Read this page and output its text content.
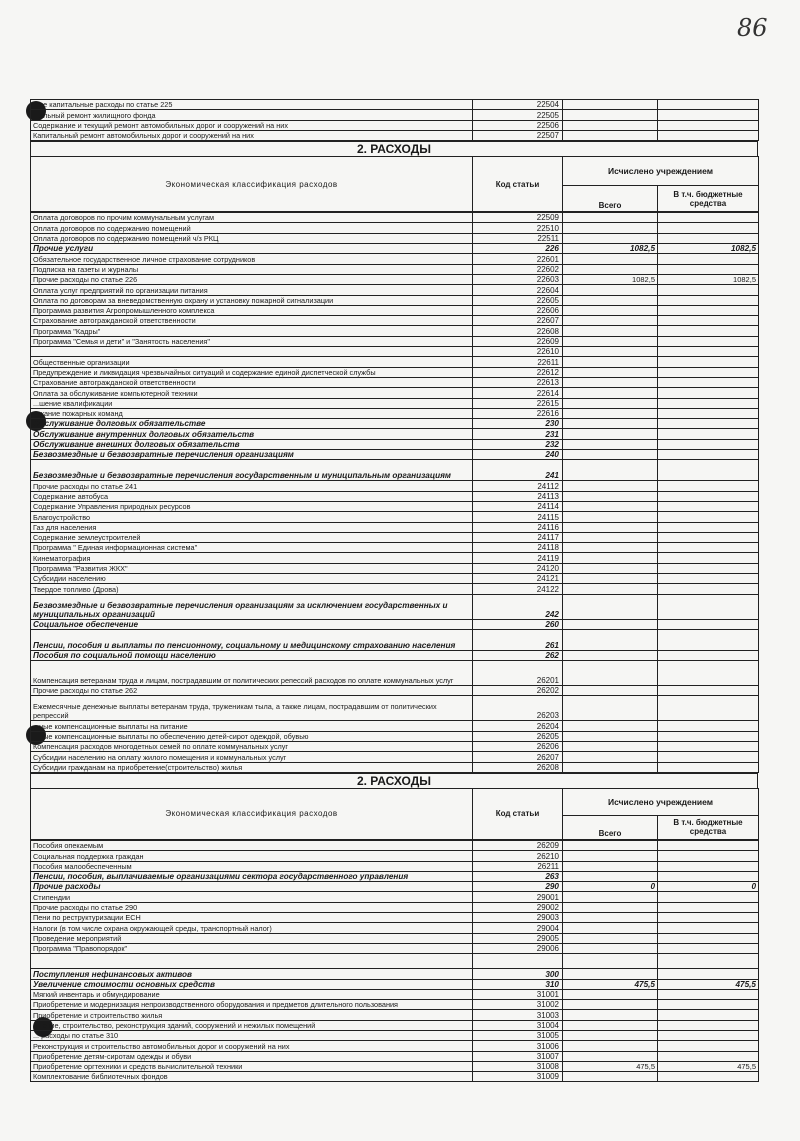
86
...ие капитальные расходы по статье 225	22504		
...альный ремонт жилищного фонда	22505		
Содержание и текущий ремонт автомобильных дорог и сооружений на них	22506		
Капитальный ремонт автомобильных дорог и сооружений на них	22507		
2. РАСХОДЫ
Экономическая классификация расходов	Код статьи	Исчислено учреждением	
		Всего	В т.ч. бюджетные средства
Оплата договоров по прочим коммунальным услугам	22509		
Оплата договоров по содержанию помещений	22510		
Оплата договоров по содержанию помещений ч/з РКЦ	22511		
Прочие услуги	226	1082,5	1082,5
Обязательное государственное личное страхование сотрудников	22601		
Подписка на газеты и журналы	22602		
Прочие расходы по статье 226	22603	1082,5	1082,5
Оплата услуг предприятий по организации питания	22604		
Оплата по договорам за вневедомственную охрану и установку пожарной сигнализации	22605		
Программа развития Агропромышленного комплекса	22606		
Страхование автогражданской ответственности	22607		
Программа "Кадры"	22608		
Программа "Семья и дети" и "Занятость населения"	22609		
	22610		
Общественные организации	22611		
Предупреждение и ликвидация чрезвычайных ситуаций и содержание единой диспетческой службы	22612		
Страхование автогражданской ответственности	22613		
Оплата за обслуживание компьютерной техники	22614		
...шение квалификации	22615		
...жание пожарных команд	22616		
Обслуживание долговых обязательстве	230		
Обслуживание внутренних долговых обязательств	231		
Обслуживание внешних долговых обязательств	232		
Безвозмездные и безвозвратные перечисления организациям	240		
Безвозмездные и безвозвратные перечисления государственным и муниципальным организациям	241		
Прочие расходы по статье 241	24112		
Содержание автобуса	24113		
Содержание Управления природных ресурсов	24114		
Благоустройство	24115		
Газ для населения	24116		
Содержание землеустроителей	24117		
Программа " Единая информационная система"	24118		
Кинематография	24119		
Программа "Развития ЖКХ"	24120		
Субсидии населению	24121		
Твердое топливо (Дрова)	24122		
Безвозмездные и безвозвратные перечисления организациям за исключением государственных и муниципальных организаций	242		
Социальное обеспечение	260		
Пенсии, пособия и выплаты по пенсионному, социальному и медицинскому страхованию населения	261		
Пособия по социальной помощи населению	262		
Компенсация ветеранам труда и лицам, пострадавшим от политических репессий расходов по оплате коммунальных услуг	26201		
Прочие расходы по статье 262	26202		
Ежемесячные денежные выплаты ветеранам труда, труженикам тыла, а также лицам, пострадавшим от политических репрессий	26203		
...ные компенсационные выплаты на питание	26204		
...ные компенсационные выплаты по обеспечению детей-сирот одеждой, обувью	26205		
Компенсация расходов многодетных семей по оплате коммунальных услуг	26206		
Субсидии населению на оплату жилого помещения и коммунальных услуг	26207		
Субсидии гражданам на приобретение(строительство) жилья	26208		
2. РАСХОДЫ
Экономическая классификация расходов	Код статьи	Исчислено учреждением	
		Всего	В т.ч. бюджетные средства
Пособия опекаемым	26209		
Социальная поддержка граждан	26210		
Пособия малообеспеченным	26211		
Пенсии, пособия, выплачиваемые организациями сектора государственного управления	263		
Прочие расходы	290	0	0
Стипендии	29001		
Прочие расходы по статье 290	29002		
Пени по реструктуризации ЕСН	29003		
Налоги (в том числе охрана окружающей среды, транспортный налог)	29004		
Проведение мероприятий	29005		
Программа "Правопорядок"	29006		

Поступления нефинансовых активов	300		
Увеличение стоимости основных средств	310	475,5	475,5
Мягкий инвентарь и обмундирование	31001		
Приобретение и модернизация непроизводственного оборудования и предметов длительного пользования	31002		
Приобретение и строительство жилья	31003		
...тение, строительство, реконструкция зданий, сооружений и нежилых помещений	31004		
... расходы по статье 310	31005		
Реконструкция и строительство автомобильных дорог и сооружений на них	31006		
Приобретение детям-сиротам одежды и обуви	31007		
Приобретение оргтехники и средств вычислительной техники	31008	475,5	475,5
Комплектование библиотечных фондов	31009		
